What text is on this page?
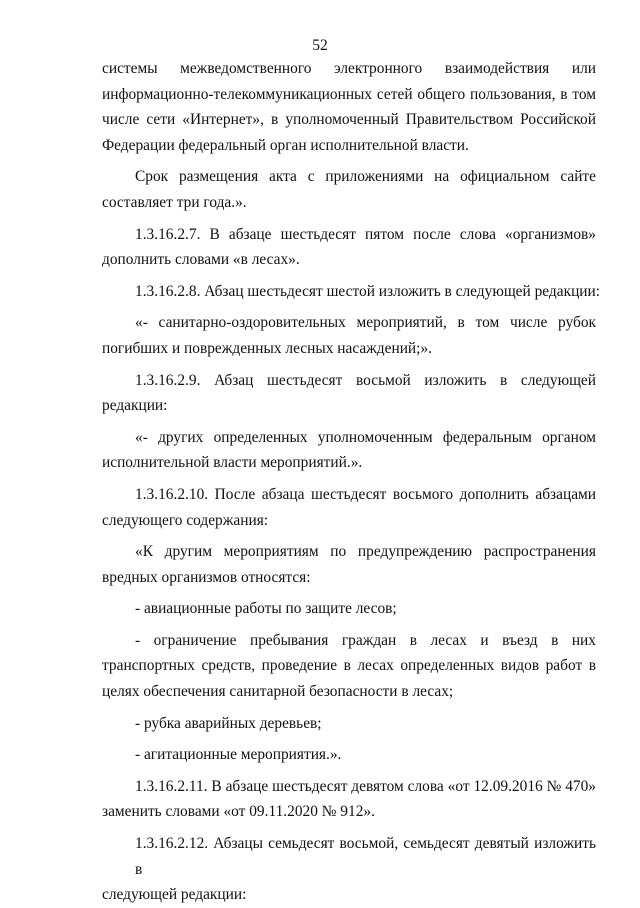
52

системы межведомственного электронного взаимодействия или
информационно-телекоммуникационных сетей общего пользования, в том
числе сети «Интернет», в уполномоченный Правительством Российской
Федерации федеральный орган исполнительной власти.

Срок размещения акта с приложениями на официальном сайте
составляет три года.».

1.3.16.2.7. В абзаце шестьдесят пятом после слова «организмов»
дополнить словами «в лесах».

1.3.16.2.8. Абзац шестьдесят шестой изложить в следующей редакции:

«- санитарно-оздоровительных мероприятий, в том числе рубок
погибших и поврежденных лесных насаждений;».

1.3.16.2.9. Абзац шестьдесят восьмой изложить в следующей
редакции:

«- других определенных уполномоченным федеральным органом
исполнительной власти мероприятий.».

1.3.16.2.10. После абзаца шестьдесят восьмого дополнить абзацами
следующего содержания:

«К другим мероприятиям по предупреждению распространения
вредных организмов относятся:

- авиационные работы по защите лесов;

- ограничение пребывания граждан в лесах и въезд в них
транспортных средств, проведение в лесах определенных видов работ в
целях обеспечения санитарной безопасности в лесах;

- рубка аварийных деревьев;

- агитационные мероприятия.».

1.3.16.2.11. В абзаце шестьдесят девятом слова «от 12.09.2016 № 470»
заменить словами «от 09.11.2020 № 912».

1.3.16.2.12. Абзацы семьдесят восьмой, семьдесят девятый изложить в
следующей редакции:
